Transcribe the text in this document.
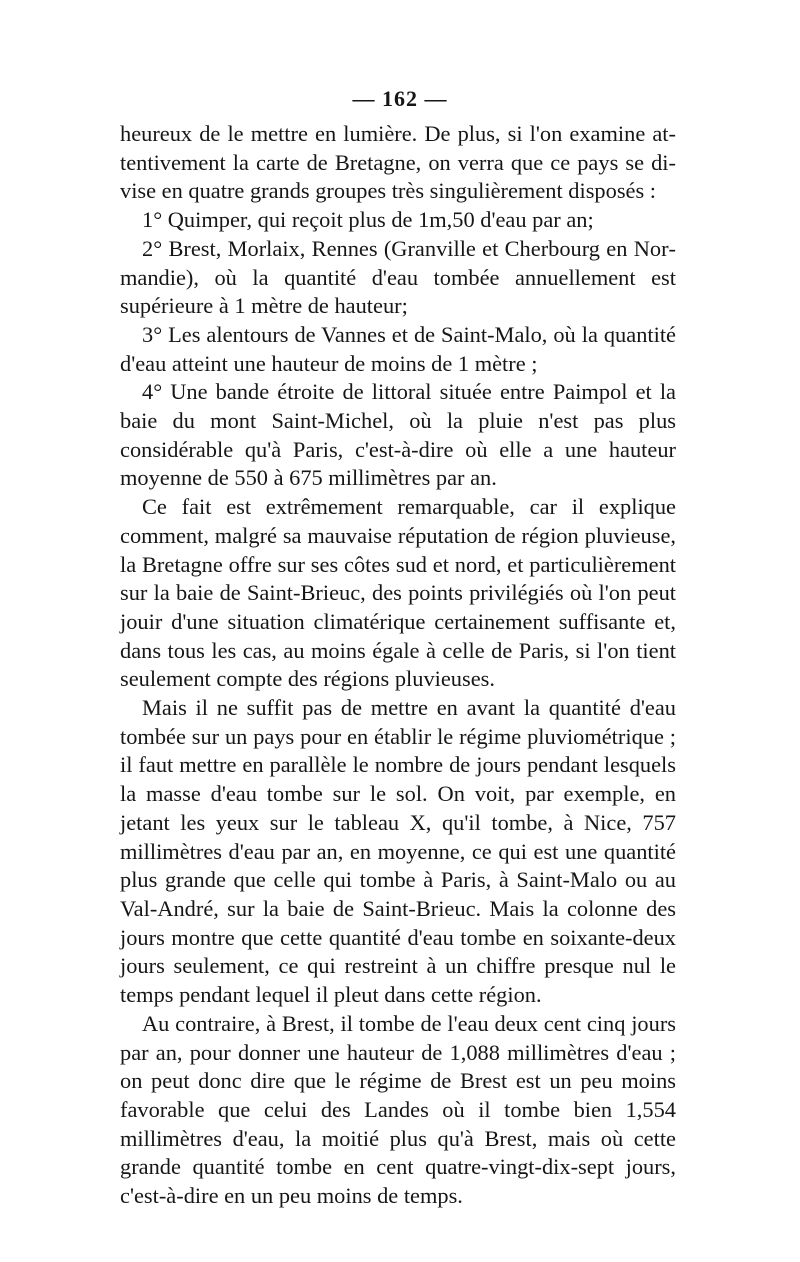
— 162 —

heureux de le mettre en lumière. De plus, si l'on examine attentivement la carte de Bretagne, on verra que ce pays se divise en quatre grands groupes très singulièrement disposés :

1° Quimper, qui reçoit plus de 1m,50 d'eau par an;

2° Brest, Morlaix, Rennes (Granville et Cherbourg en Normandie), où la quantité d'eau tombée annuellement est supérieure à 1 mètre de hauteur;

3° Les alentours de Vannes et de Saint-Malo, où la quantité d'eau atteint une hauteur de moins de 1 mètre ;

4° Une bande étroite de littoral située entre Paimpol et la baie du mont Saint-Michel, où la pluie n'est pas plus considérable qu'à Paris, c'est-à-dire où elle a une hauteur moyenne de 550 à 675 millimètres par an.

Ce fait est extrêmement remarquable, car il explique comment, malgré sa mauvaise réputation de région pluvieuse, la Bretagne offre sur ses côtes sud et nord, et particulièrement sur la baie de Saint-Brieuc, des points privilégiés où l'on peut jouir d'une situation climatérique certainement suffisante et, dans tous les cas, au moins égale à celle de Paris, si l'on tient seulement compte des régions pluvieuses.

Mais il ne suffit pas de mettre en avant la quantité d'eau tombée sur un pays pour en établir le régime pluviométrique ; il faut mettre en parallèle le nombre de jours pendant lesquels la masse d'eau tombe sur le sol. On voit, par exemple, en jetant les yeux sur le tableau X, qu'il tombe, à Nice, 757 millimètres d'eau par an, en moyenne, ce qui est une quantité plus grande que celle qui tombe à Paris, à Saint-Malo ou au Val-André, sur la baie de Saint-Brieuc. Mais la colonne des jours montre que cette quantité d'eau tombe en soixante-deux jours seulement, ce qui restreint à un chiffre presque nul le temps pendant lequel il pleut dans cette région.

Au contraire, à Brest, il tombe de l'eau deux cent cinq jours par an, pour donner une hauteur de 1,088 millimètres d'eau ; on peut donc dire que le régime de Brest est un peu moins favorable que celui des Landes où il tombe bien 1,554 millimètres d'eau, la moitié plus qu'à Brest, mais où cette grande quantité tombe en cent quatre-vingt-dix-sept jours, c'est-à-dire en un peu moins de temps.
